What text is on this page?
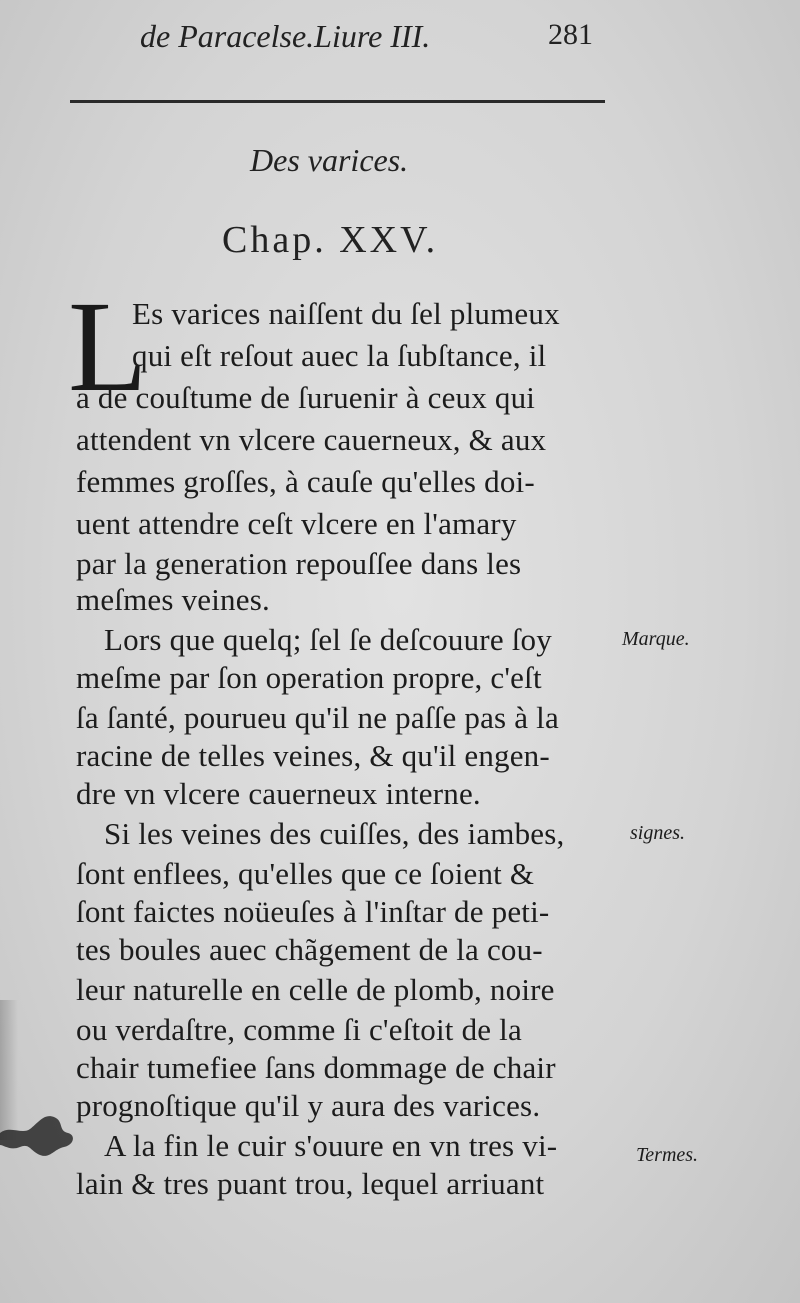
de Paracelse.Liure III.	281
Des varices.
Chap. XXV.
L
Es varices naiſſent du ſel plumeux
qui eſt reſout auec la ſubſtance, il
a de couſtume de ſuruenir à ceux qui
attendent vn vlcere cauerneux, & aux
femmes groſſes, à cauſe qu'elles doi-
uent attendre ceſt vlcere en l'amary
par la generation repouſſee dans les
meſmes veines.
Lors que quelq; ſel ſe deſcouure ſoy
meſme par ſon operation propre, c'eſt
ſa ſanté, pourueu qu'il ne paſſe pas à la
racine de telles veines, & qu'il engen-
dre vn vlcere cauerneux interne.
Si les veines des cuiſſes, des iambes,
ſont enflees, qu'elles que ce ſoient &
ſont faictes noüeuſes à l'inſtar de peti-
tes boules auec chãgement de la cou-
leur naturelle en celle de plomb, noire
ou verdaſtre, comme ſi c'eſtoit de la
chair tumefiee ſans dommage de chair
prognoſtique qu'il y aura des varices.
A la fin le cuir s'ouure en vn tres vi-
lain & tres puant trou, lequel arriuant
Marque.
signes.
Termes.
